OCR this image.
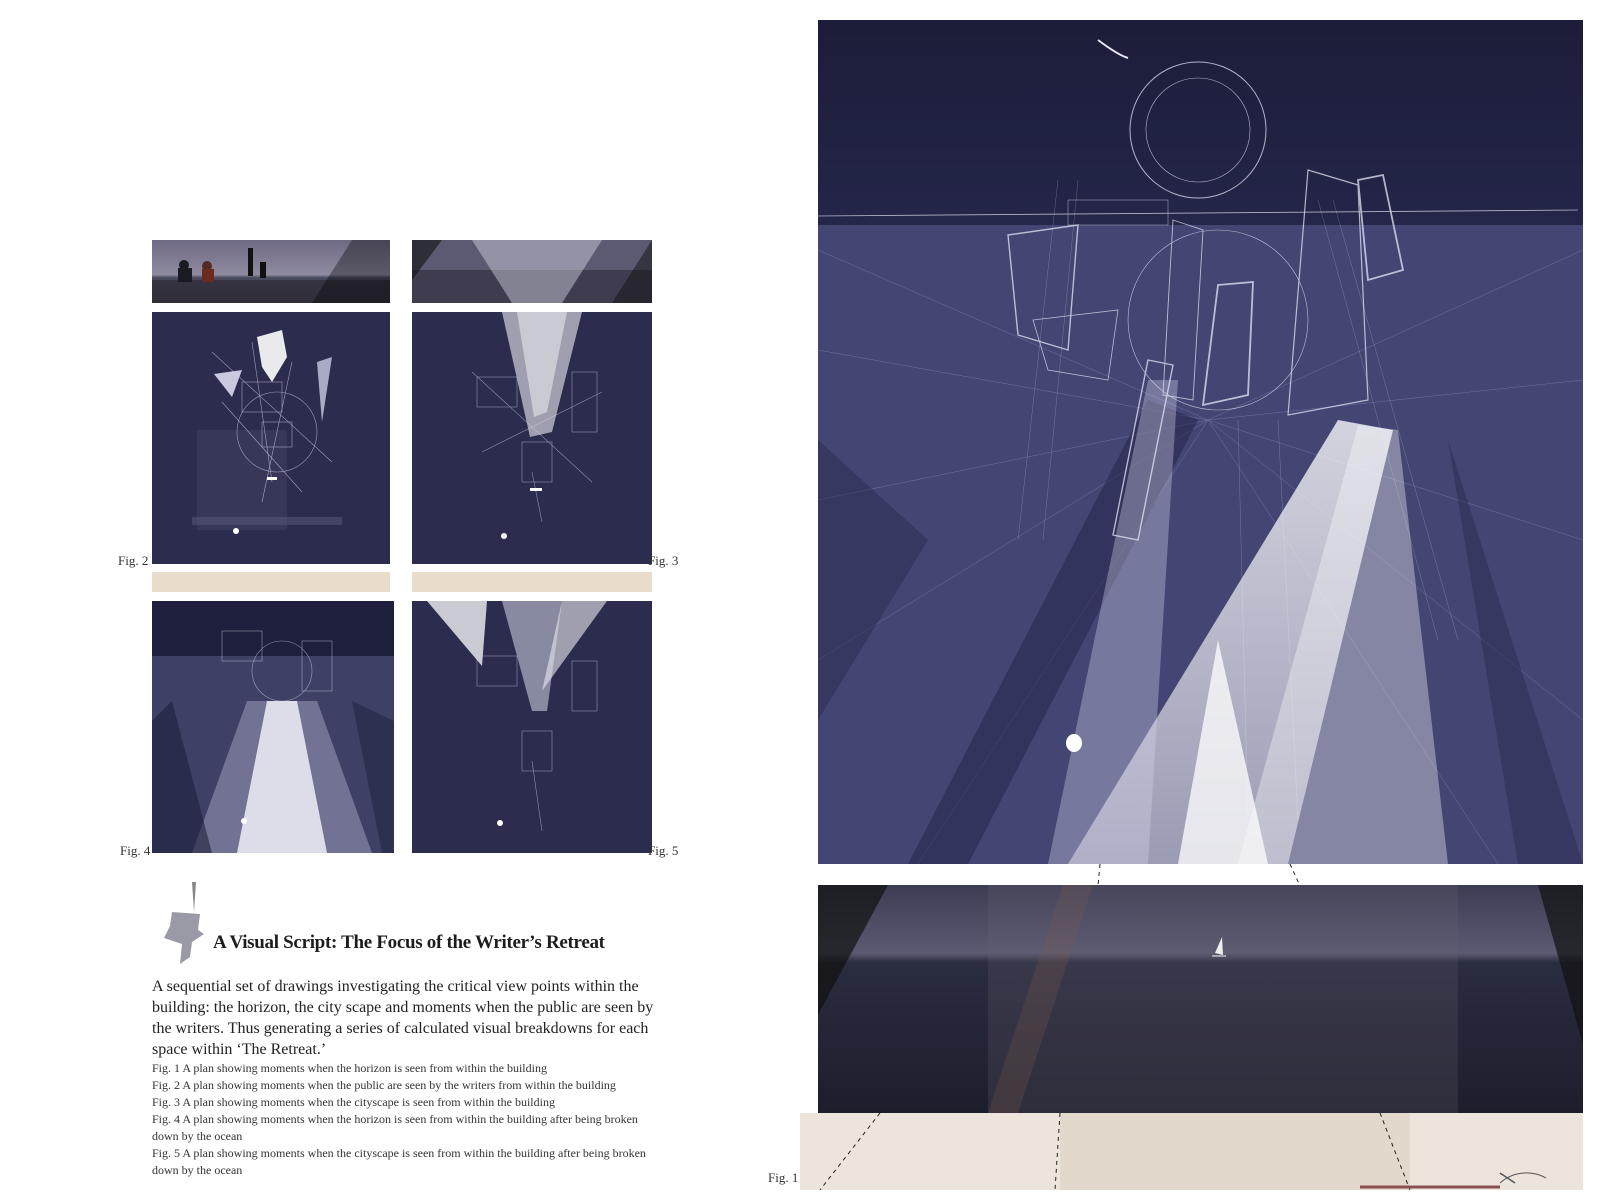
Fig. 2	Fig. 3
Fig. 4	Fig. 5
A Visual Script: The Focus of the Writer’s Retreat
A sequential set of drawings investigating the critical view points within the building: the horizon, the city scape and moments when the public are seen by the writers. Thus generating a series of calculated visual breakdowns for each space within ‘The Retreat.’
Fig. 1 A plan showing moments when the horizon is seen from within the building
Fig. 2 A plan showing moments when the public are seen by the writers from within the building
Fig. 3 A plan showing moments when the cityscape is seen from within the building
Fig. 4 A plan showing moments when the horizon is seen from within the building after being broken down by the ocean
Fig. 5 A plan showing moments when the cityscape is seen from within the building after being broken down by the ocean	Fig. 1
